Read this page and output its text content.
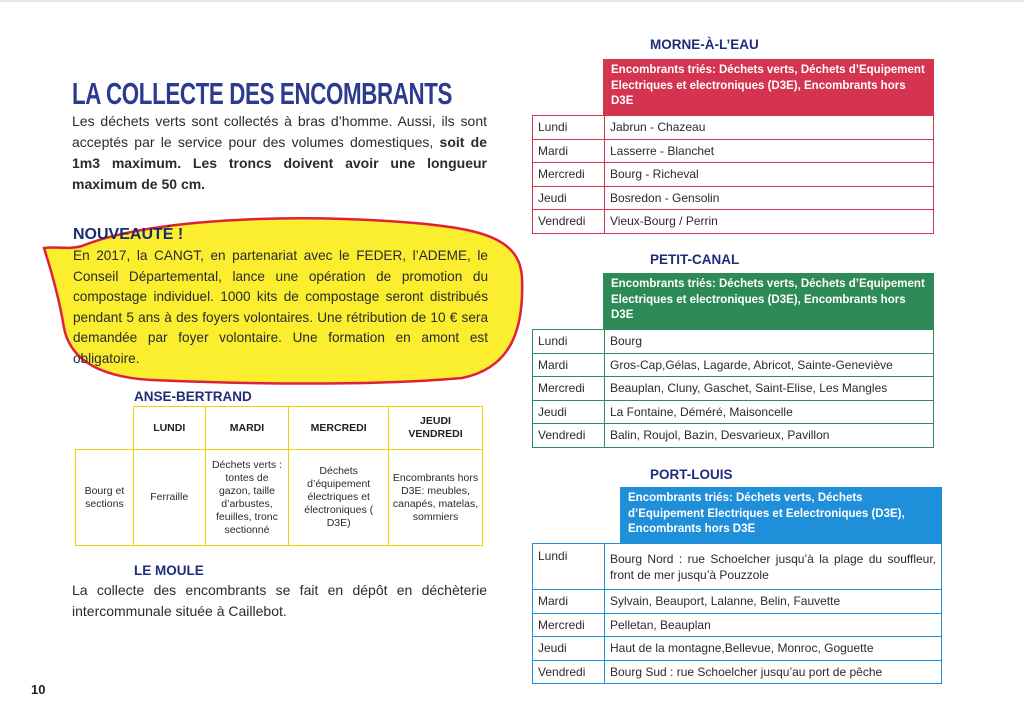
LA COLLECTE DES ENCOMBRANTS

Les déchets verts sont collectés à bras d’homme. Aussi, ils sont acceptés par le service pour des volumes domestiques, soit de 1m3 maximum. Les troncs doivent avoir une longueur maximum de 50 cm.

NOUVEAUTÉ !

En 2017, la CANGT, en partenariat avec le FEDER, l’ADEME, le Conseil Départemental, lance une opération de promotion du compostage individuel. 1000 kits de compostage seront distribués pendant 5 ans à des foyers volontaires. Une rétribution de 10 € sera demandée par foyer volontaire. Une formation en amont est obligatoire.

ANSE-BERTRAND
	LUNDI	MARDI	MERCREDI	JEUDI VENDREDI
Bourg et sections	Ferraille	Déchets verts : tontes de gazon, taille d’arbustes, feuilles, tronc sectionné	Déchets d’équipement électriques et électroniques ( D3E)	Encombrants hors D3E: meubles, canapés, matelas, sommiers
LE MOULE

La collecte des encombrants se fait en dépôt en déchèterie intercommunale située à Caillebot.

10
MORNE-À-L’EAU
Encombrants triés: Déchets verts, Déchets d’Equipement Electriques et electroniques (D3E), Encombrants hors D3E
Lundi	Jabrun - Chazeau
Mardi	Lasserre - Blanchet
Mercredi	Bourg - Richeval
Jeudi	Bosredon - Gensolin
Vendredi	Vieux-Bourg / Perrin
PETIT-CANAL
Encombrants triés: Déchets verts, Déchets d’Equipement Electriques et electroniques (D3E), Encombrants hors D3E
Lundi	Bourg
Mardi	Gros-Cap,Gélas, Lagarde, Abricot, Sainte-Geneviève
Mercredi	Beauplan, Cluny, Gaschet, Saint-Elise, Les Mangles
Jeudi	La Fontaine, Déméré, Maisoncelle
Vendredi	Balin, Roujol, Bazin, Desvarieux, Pavillon
PORT-LOUIS
Encombrants triés: Déchets verts, Déchets d’Equipement Electriques et Eelectroniques (D3E), Encombrants hors D3E
Lundi	Bourg Nord : rue Schoelcher jusqu’à la plage du souffleur, front de mer jusqu’à Pouzzole
Mardi	Sylvain, Beauport, Lalanne, Belin, Fauvette
Mercredi	Pelletan, Beauplan
Jeudi	Haut de la montagne,Bellevue, Monroc, Goguette
Vendredi	Bourg Sud : rue Schoelcher jusqu’au port de pêche
